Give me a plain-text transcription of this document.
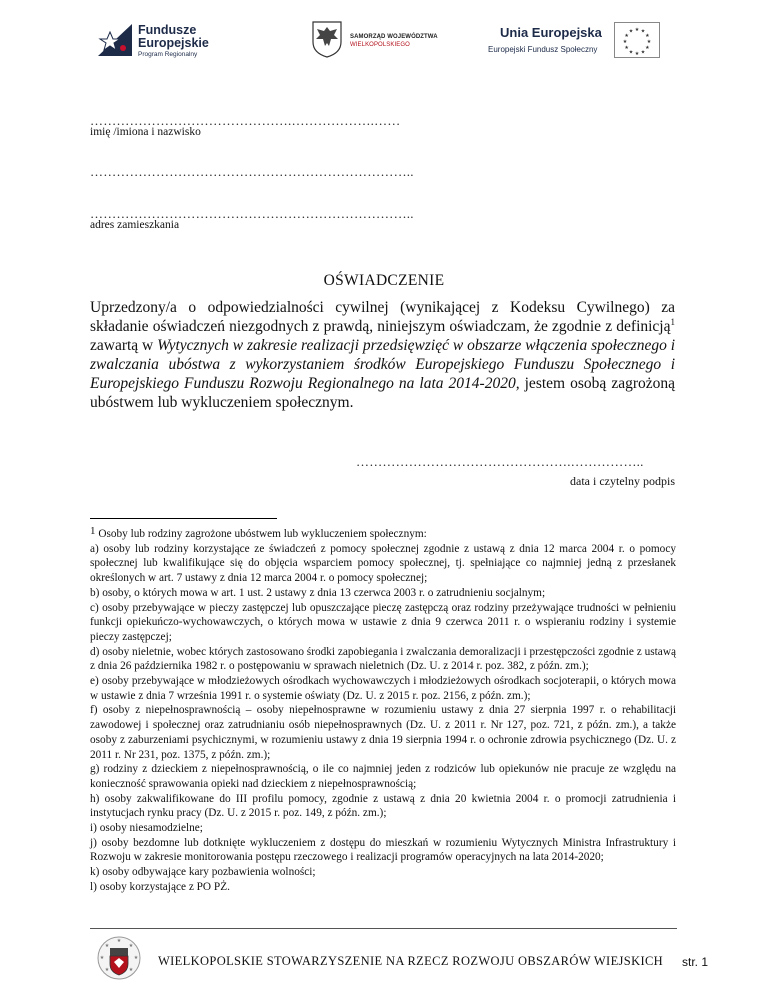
Fundusze
Europejskie
Program Regionalny
SAMORZĄD WOJEWÓDZTWA
WIELKOPOLSKIEGO
Unia Europejska
Europejski Fundusz Społeczny
★ ★
★
★
★
★
★
★
★
★
★
★
……………………………………….……………….……
imię /imiona i nazwisko
………………………………………………………………..
………………………………………………………………..
adres zamieszkania
OŚWIADCZENIE
Uprzedzony/a o odpowiedzialności cywilnej (wynikającej z Kodeksu Cywilnego) za składanie oświadczeń niezgodnych z prawdą, niniejszym oświadczam, że zgodnie z definicją$^1$ zawartą w Wytycznych w zakresie realizacji przedsięwzięć w obszarze włączenia społecznego i zwalczania ubóstwa z wykorzystaniem środków Europejskiego Funduszu Społecznego i Europejskiego Funduszu Rozwoju Regionalnego na lata 2014-2020, jestem osobą zagrożoną ubóstwem lub wykluczeniem społecznym.
………………………………………….……………..
data i czytelny podpis

$^1$ Osoby lub rodziny zagrożone ubóstwem lub wykluczeniem społecznym:

a) osoby lub rodziny korzystające ze świadczeń z pomocy społecznej zgodnie z ustawą z dnia 12 marca 2004 r. o pomocy społecznej lub kwalifikujące się do objęcia wsparciem pomocy społecznej, tj. spełniające co najmniej jedną z przesłanek określonych w art. 7 ustawy z dnia 12 marca 2004 r. o pomocy społecznej;

b) osoby, o których mowa w art. 1 ust. 2 ustawy z dnia 13 czerwca 2003 r. o zatrudnieniu socjalnym;

c) osoby przebywające w pieczy zastępczej lub opuszczające pieczę zastępczą oraz rodziny przeżywające trudności w pełnieniu funkcji opiekuńczo-wychowawczych, o których mowa w ustawie z dnia 9 czerwca 2011 r. o wspieraniu rodziny i systemie pieczy zastępczej;

d) osoby nieletnie, wobec których zastosowano środki zapobiegania i zwalczania demoralizacji i przestępczości zgodnie z ustawą z dnia 26 października 1982 r. o postępowaniu w sprawach nieletnich (Dz. U. z 2014 r. poz. 382, z późn. zm.);

e) osoby przebywające w młodzieżowych ośrodkach wychowawczych i młodzieżowych ośrodkach socjoterapii, o których mowa w ustawie z dnia 7 września 1991 r. o systemie oświaty (Dz. U. z 2015 r. poz. 2156, z późn. zm.);

f) osoby z niepełnosprawnością – osoby niepełnosprawne w rozumieniu ustawy z dnia 27 sierpnia 1997 r. o rehabilitacji zawodowej i społecznej oraz zatrudnianiu osób niepełnosprawnych (Dz. U. z 2011 r. Nr 127, poz. 721, z późn. zm.), a także osoby z zaburzeniami psychicznymi, w rozumieniu ustawy z dnia 19 sierpnia 1994 r. o ochronie zdrowia psychicznego (Dz. U. z 2011 r. Nr 231, poz. 1375, z późn. zm.);

g) rodziny z dzieckiem z niepełnosprawnością, o ile co najmniej jeden z rodziców lub opiekunów nie pracuje ze względu na konieczność sprawowania opieki nad dzieckiem z niepełnosprawnością;

h) osoby zakwalifikowane do III profilu pomocy, zgodnie z ustawą z dnia 20 kwietnia 2004 r. o promocji zatrudnienia i instytucjach rynku pracy (Dz. U. z 2015 r. poz. 149, z późn. zm.);

i) osoby niesamodzielne;

j) osoby bezdomne lub dotknięte wykluczeniem z dostępu do mieszkań w rozumieniu Wytycznych Ministra Infrastruktury i Rozwoju w zakresie monitorowania postępu rzeczowego i realizacji programów operacyjnych na lata 2014-2020;

k) osoby odbywające kary pozbawienia wolności;

l) osoby korzystające z PO PŻ.

★
★
★
★
★
★
★
WIELKOPOLSKIE STOWARZYSZENIE NA RZECZ ROZWOJU OBSZARÓW WIEJSKICH str. 1
